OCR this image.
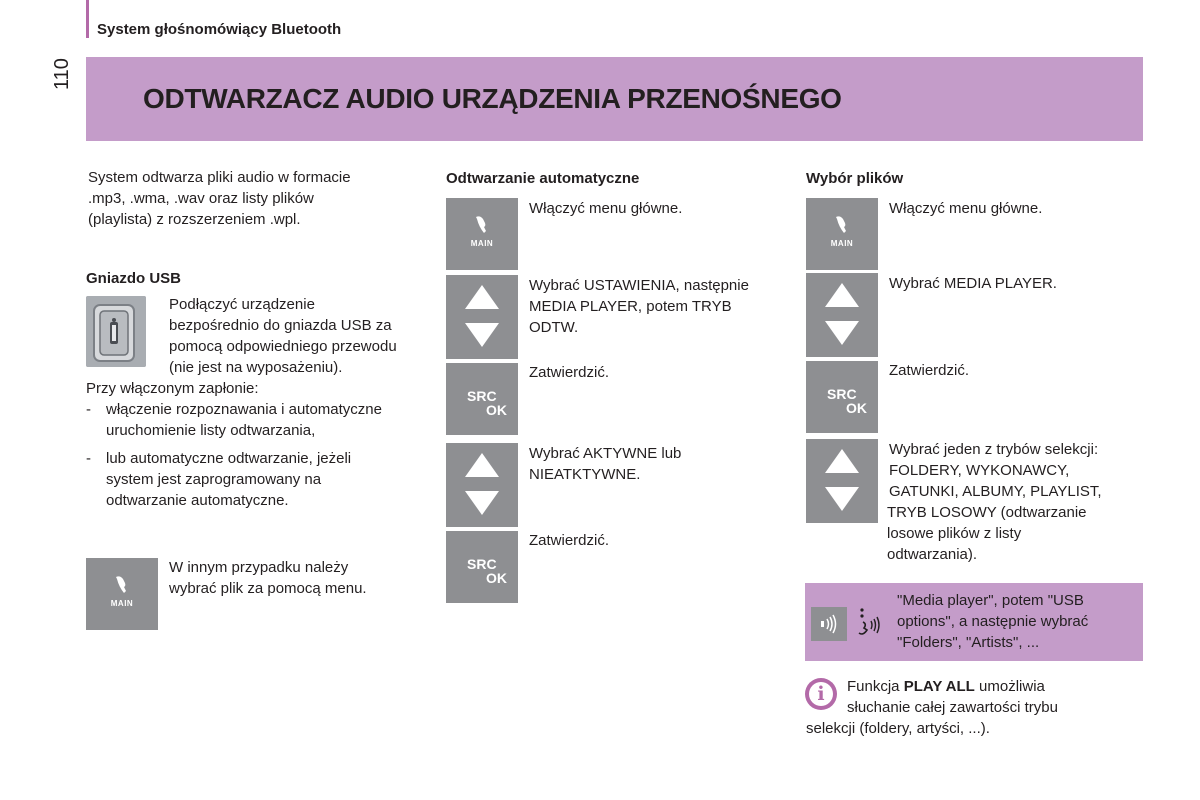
System głośnomówiący Bluetooth
110
ODTWARZACZ AUDIO URZĄDZENIA PRZENOŚNEGO
System odtwarza pliki audio w formacie
.mp3, .wma, .wav oraz listy plików
(playlista) z rozszerzeniem .wpl.
Gniazdo USB
Podłączyć urządzenie
bezpośrednio do gniazda USB za
pomocą odpowiedniego przewodu
(nie jest na wyposażeniu).
Przy włączonym zapłonie:
- włączenie rozpoznawania i automatyczne
uruchomienie listy odtwarzania,
- lub automatyczne odtwarzanie, jeżeli
system jest zaprogramowany na
odtwarzanie automatyczne.
MAIN
W innym przypadku należy
wybrać plik za pomocą menu.
Odtwarzanie automatyczne
MAIN
Włączyć menu główne.
Wybrać USTAWIENIA, następnie
MEDIA PLAYER, potem TRYB
ODTW.
SRC
OK
Zatwierdzić.
Wybrać AKTYWNE lub
NIEATKTYWNE.
SRC
OK
Zatwierdzić.
Wybór plików
MAIN
Włączyć menu główne.
Wybrać MEDIA PLAYER.
SRC
OK
Zatwierdzić.
Wybrać jeden z trybów selekcji:
FOLDERY, WYKONAWCY,
GATUNKI, ALBUMY, PLAYLIST,
TRYB LOSOWY (odtwarzanie
losowe plików z listy
odtwarzania).
"Media player", potem "USB
options", a następnie wybrać
"Folders", "Artists", ...
i	Funkcja PLAY ALL umożliwia
słuchanie całej zawartości trybu
selekcji (foldery, artyści, ...).
